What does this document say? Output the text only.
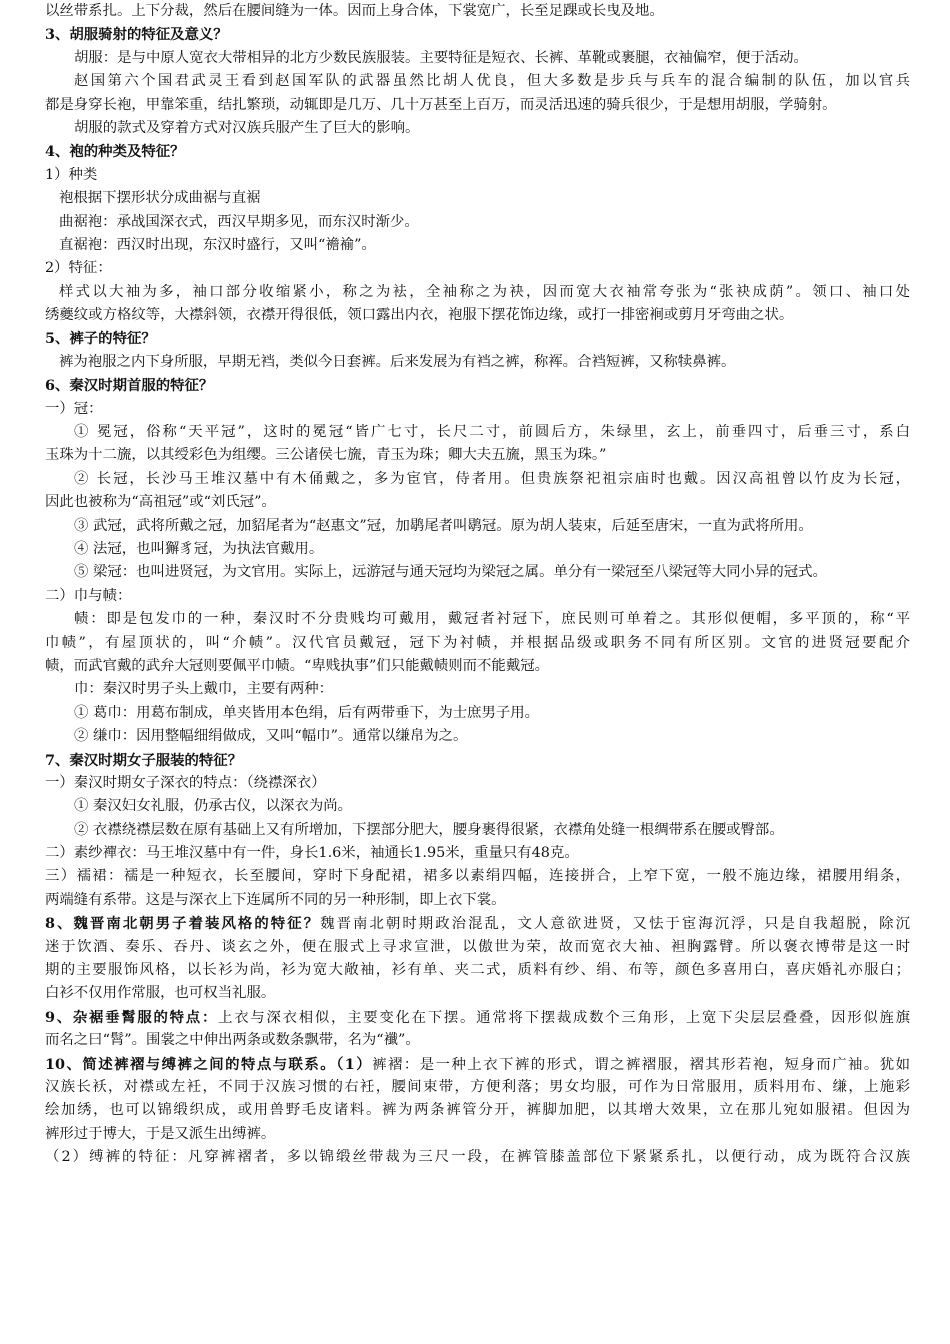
以丝带系扎。上下分裁，然后在腰间缝为一体。因而上身合体，下裳宽广，长至足踝或长曳及地。
3、胡服骑射的特征及意义？
胡服：是与中原人宽衣大带相异的北方少数民族服装。主要特征是短衣、长裤、革靴或裹腿，衣袖偏窄，便于活动。
赵国第六个国君武灵王看到赵国军队的武器虽然比胡人优良，但大多数是步兵与兵车的混合编制的队伍，加以官兵
都是身穿长袍，甲靠笨重，结扎繁琐，动辄即是几万、几十万甚至上百万，而灵活迅速的骑兵很少，于是想用胡服，学骑射。
胡服的款式及穿着方式对汉族兵服产生了巨大的影响。
4、袍的种类及特征？
1）种类
袍根据下摆形状分成曲裾与直裾
曲裾袍：承战国深衣式，西汉早期多见，而东汉时渐少。
直裾袍：西汉时出现，东汉时盛行，又叫“襜褕”。
2）特征：
样式以大袖为多，袖口部分收缩紧小，称之为袪，全袖称之为袂，因而宽大衣袖常夸张为“张袂成荫”。领口、袖口处
绣夔纹或方格纹等，大襟斜领，衣襟开得很低，领口露出内衣，袍服下摆花饰边缘，或打一排密裥或剪月牙弯曲之状。
5、裤子的特征？
裤为袍服之内下身所服，早期无裆，类似今日套裤。后来发展为有裆之裤，称裈。合裆短裤，又称犊鼻裤。
6、秦汉时期首服的特征？
一）冠：
① 冕冠，俗称“天平冠”，这时的冕冠“皆广七寸，长尺二寸，前圆后方，朱绿里，玄上，前垂四寸，后垂三寸，系白
玉珠为十二旒，以其绶彩色为组缨。三公诸侯七旒，青玉为珠；卿大夫五旒，黑玉为珠。”
② 长冠，长沙马王堆汉墓中有木俑戴之，多为宦官，侍者用。但贵族祭祀祖宗庙时也戴。因汉高祖曾以竹皮为长冠，
因此也被称为“高祖冠”或“刘氏冠”。
③ 武冠，武将所戴之冠，加貂尾者为“赵惠文”冠，加鹖尾者叫鹖冠。原为胡人装束，后延至唐宋，一直为武将所用。
④ 法冠，也叫獬豸冠，为执法官戴用。
⑤ 梁冠：也叫进贤冠，为文官用。实际上，远游冠与通天冠均为梁冠之属。单分有一梁冠至八梁冠等大同小异的冠式。
二）巾与帻：
帻：即是包发巾的一种，秦汉时不分贵贱均可戴用，戴冠者衬冠下，庶民则可单着之。其形似便帽，多平顶的，称“平
巾帻”，有屋顶状的，叫“介帻”。汉代官员戴冠，冠下为衬帻，并根据品级或职务不同有所区别。文官的进贤冠要配介
帻，而武官戴的武弁大冠则要佩平巾帻。“卑贱执事”们只能戴帻则而不能戴冠。
巾：秦汉时男子头上戴巾，主要有两种：
① 葛巾：用葛布制成，单夹皆用本色绢，后有两带垂下，为士庶男子用。
② 缣巾：因用整幅细绢做成，又叫“幅巾”。通常以缣帛为之。
7、秦汉时期女子服装的特征？
一）秦汉时期女子深衣的特点：（绕襟深衣）
① 秦汉妇女礼服，仍承古仪，以深衣为尚。
② 衣襟绕襟层数在原有基础上又有所增加，下摆部分肥大，腰身裹得很紧，衣襟角处缝一根绸带系在腰或臀部。
二）素纱襌衣：马王堆汉墓中有一件，身长1.6米，袖通长1.95米，重量只有48克。
三）襦裙：襦是一种短衣，长至腰间，穿时下身配裙，裙多以素绢四幅，连接拼合，上窄下宽，一般不施边缘，裙腰用绢条，
两端缝有系带。这是与深衣上下连属所不同的另一种形制，即上衣下裳。
8、魏晋南北朝男子着装风格的特征？魏晋南北朝时期政治混乱，文人意欲进贤，又怯于宦海沉浮，只是自我超脱，除沉
迷于饮酒、奏乐、吞丹、谈玄之外，便在服式上寻求宣泄，以傲世为荣，故而宽衣大袖、袒胸露臂。所以褒衣博带是这一时
期的主要服饰风格，以长衫为尚，衫为宽大敞袖，衫有单、夹二式，质料有纱、绢、布等，颜色多喜用白，喜庆婚礼亦服白；
白衫不仅用作常服，也可权当礼服。
9、杂裾垂髾服的特点：上衣与深衣相似，主要变化在下摆。通常将下摆裁成数个三角形，上宽下尖层层叠叠，因形似旌旗
而名之曰“髾”。围裳之中伸出两条或数条飘带，名为“襳”。
10、简述裤褶与缚裤之间的特点与联系。（1）裤褶：是一种上衣下裤的形式，谓之裤褶服，褶其形若袍，短身而广袖。犹如
汉族长袄，对襟或左衽，不同于汉族习惯的右衽，腰间束带，方便利落；男女均服，可作为日常服用，质料用布、缣，上施彩
绘加绣，也可以锦缎织成，或用兽野毛皮诸料。裤为两条裤管分开，裤脚加肥，以其增大效果，立在那儿宛如服裙。但因为
裤形过于博大，于是又派生出缚裤。
（2）缚裤的特征：凡穿裤褶者，多以锦缎丝带裁为三尺一段，在裤管膝盖部位下紧紧系扎，以便行动，成为既符合汉族
